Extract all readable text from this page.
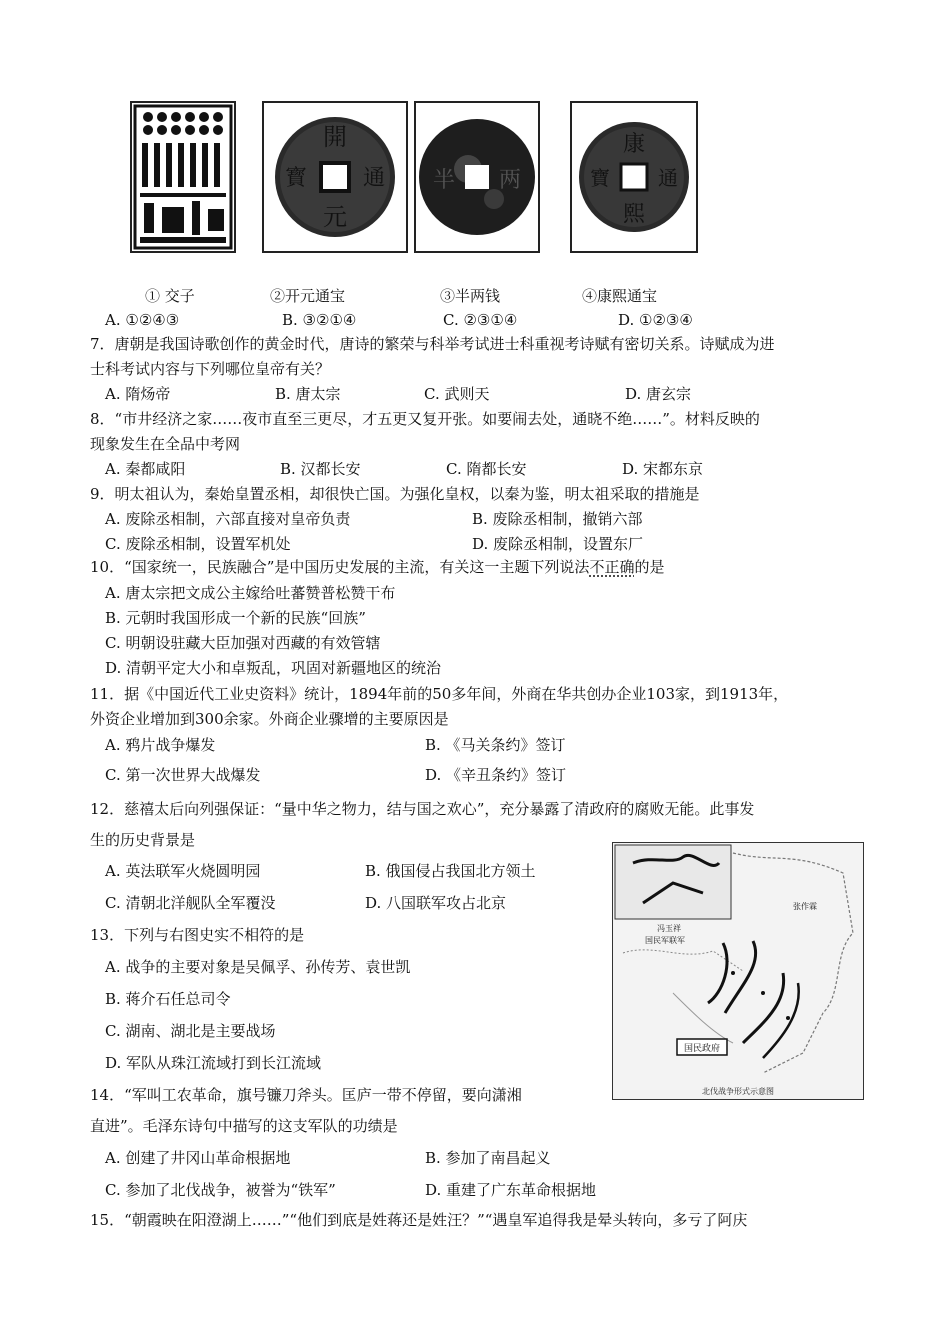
開
元
寳	通 半 两
康
熙
寶 通
① 交子	②开元通宝	③半两钱	④康熙通宝
A. ①②④③	B. ③②①④	C. ②③①④	D. ①②③④
7．唐朝是我国诗歌创作的黄金时代，唐诗的繁荣与科举考试进士科重视考诗赋有密切关系。诗赋成为进
士科考试内容与下列哪位皇帝有关？
A. 隋炀帝	B. 唐太宗	C. 武则天	D. 唐玄宗
8．“市井经济之家……夜市直至三更尽，才五更又复开张。如要闹去处，通晓不绝……”。材料反映的
现象发生在全品中考网
A. 秦都咸阳	B. 汉都长安	C. 隋都长安	D. 宋都东京
9．明太祖认为，秦始皇置丞相，却很快亡国。为强化皇权，以秦为鉴，明太祖采取的措施是
A. 废除丞相制，六部直接对皇帝负责	B. 废除丞相制，撤销六部
C. 废除丞相制，设置军机处	D. 废除丞相制，设置东厂
10．“国家统一，民族融合”是中国历史发展的主流，有关这一主题下列说法不正确的是
A. 唐太宗把文成公主嫁给吐蕃赞普松赞干布
B. 元朝时我国形成一个新的民族“回族”
C. 明朝设驻藏大臣加强对西藏的有效管辖
D. 清朝平定大小和卓叛乱，巩固对新疆地区的统治
11．据《中国近代工业史资料》统计，1894年前的50多年间，外商在华共创办企业103家，到1913年，
外资企业增加到300余家。外商企业骤增的主要原因是
A. 鸦片战争爆发	B. 《马关条约》签订
C. 第一次世界大战爆发	D. 《辛丑条约》签订
12．慈禧太后向列强保证：“量中华之物力，结与国之欢心”，充分暴露了清政府的腐败无能。此事发
生的历史背景是
A. 英法联军火烧圆明园	B. 俄国侵占我国北方领土
C. 清朝北洋舰队全军覆没	D. 八国联军攻占北京
13．下列与右图史实不相符的是
A. 战争的主要对象是吴佩孚、孙传芳、袁世凯
B. 蒋介石任总司令
C. 湖南、湖北是主要战场
D. 军队从珠江流域打到长江流域
14．“军叫工农革命，旗号镰刀斧头。匡庐一带不停留，要向潇湘
直进”。毛泽东诗句中描写的这支军队的功绩是
A. 创建了井冈山革命根据地	B. 参加了南昌起义
C. 参加了北伐战争，被誉为“铁军”	D. 重建了广东革命根据地
15．“朝霞映在阳澄湖上……”“他们到底是姓蒋还是姓汪？”“遇皇军追得我是晕头转向，多亏了阿庆
国民政府
冯玉祥
国民军联军
张作霖
北伐战争形式示意图
